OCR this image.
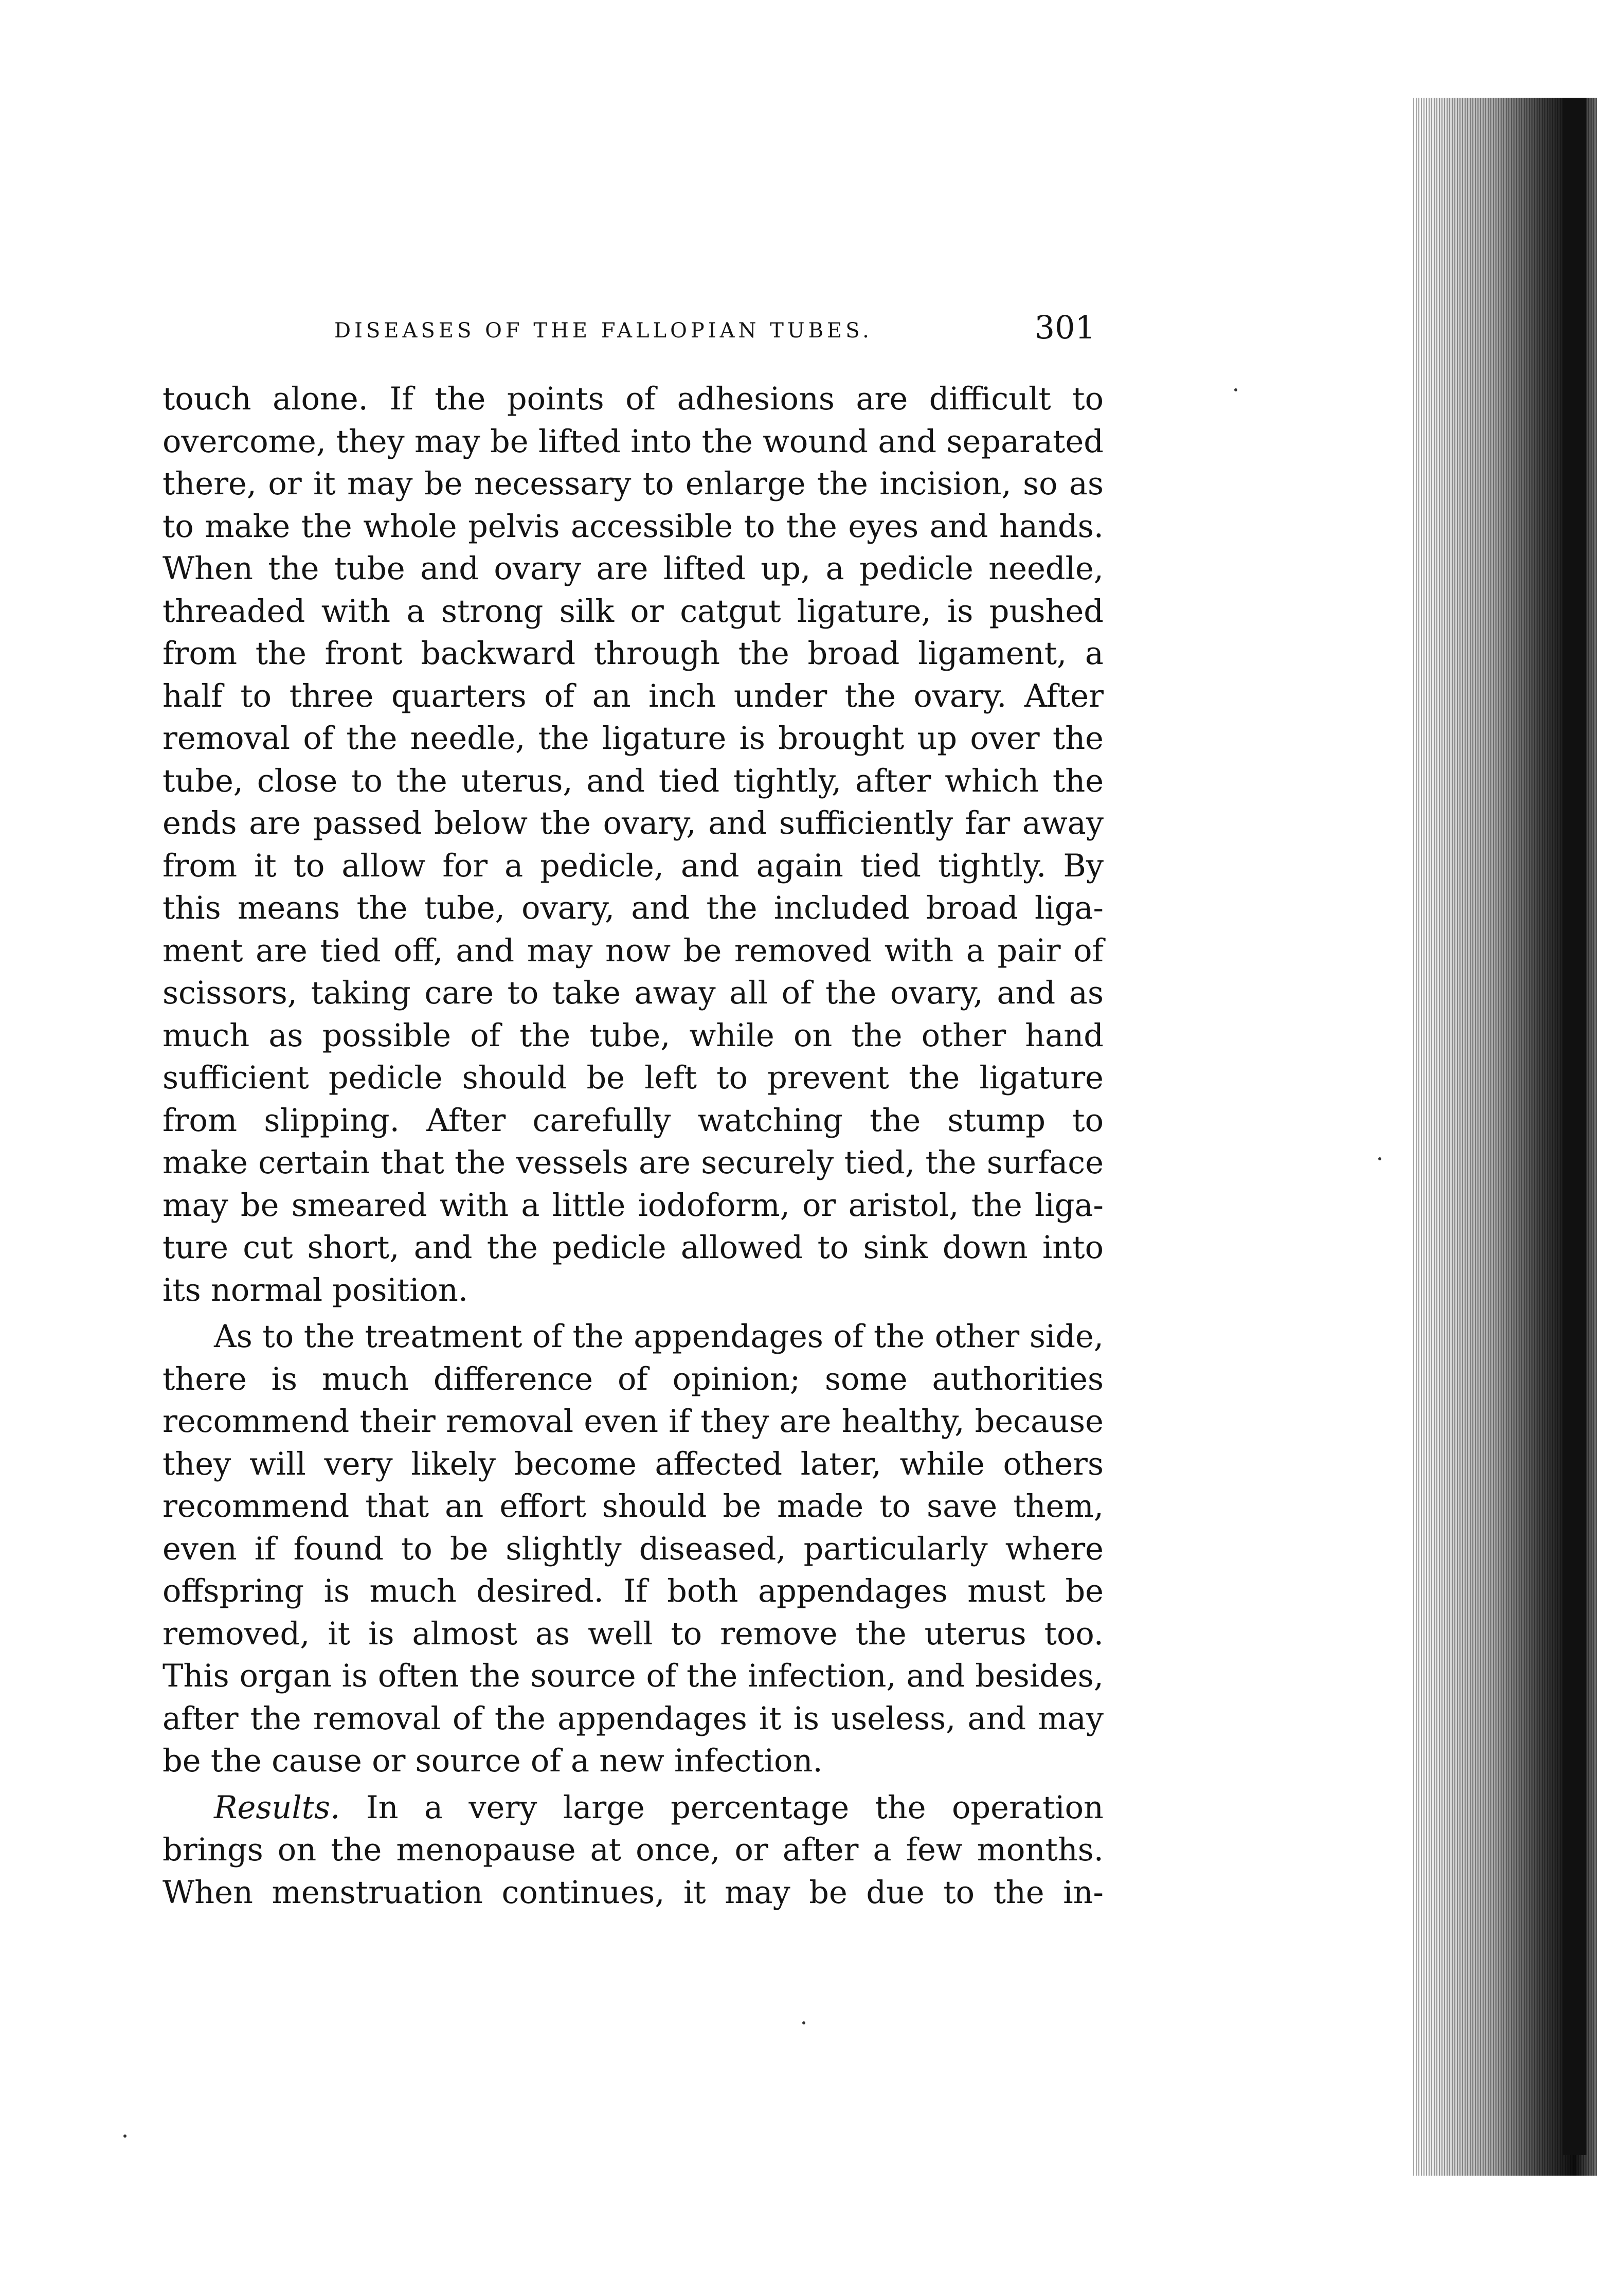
DISEASES OF THE FALLOPIAN TUBES.	301
touch alone. If the points of adhesions are difficult to
overcome, they may be lifted into the wound and separated
there, or it may be necessary to enlarge the incision, so as
to make the whole pelvis accessible to the eyes and hands.
When the tube and ovary are lifted up, a pedicle needle,
threaded with a strong silk or catgut ligature, is pushed
from the front backward through the broad ligament, a
half to three quarters of an inch under the ovary. After
removal of the needle, the ligature is brought up over the
tube, close to the uterus, and tied tightly, after which the
ends are passed below the ovary, and sufficiently far away
from it to allow for a pedicle, and again tied tightly. By
this means the tube, ovary, and the included broad liga-
ment are tied off, and may now be removed with a pair of
scissors, taking care to take away all of the ovary, and as
much as possible of the tube, while on the other hand
sufficient pedicle should be left to prevent the ligature
from slipping. After carefully watching the stump to
make certain that the vessels are securely tied, the surface
may be smeared with a little iodoform, or aristol, the liga-
ture cut short, and the pedicle allowed to sink down into
its normal position.
As to the treatment of the appendages of the other side,
there is much difference of opinion; some authorities
recommend their removal even if they are healthy, because
they will very likely become affected later, while others
recommend that an effort should be made to save them,
even if found to be slightly diseased, particularly where
offspring is much desired. If both appendages must be
removed, it is almost as well to remove the uterus too.
This organ is often the source of the infection, and besides,
after the removal of the appendages it is useless, and may
be the cause or source of a new infection.
Results. In a very large percentage the operation
brings on the menopause at once, or after a few months.
When menstruation continues, it may be due to the in-
